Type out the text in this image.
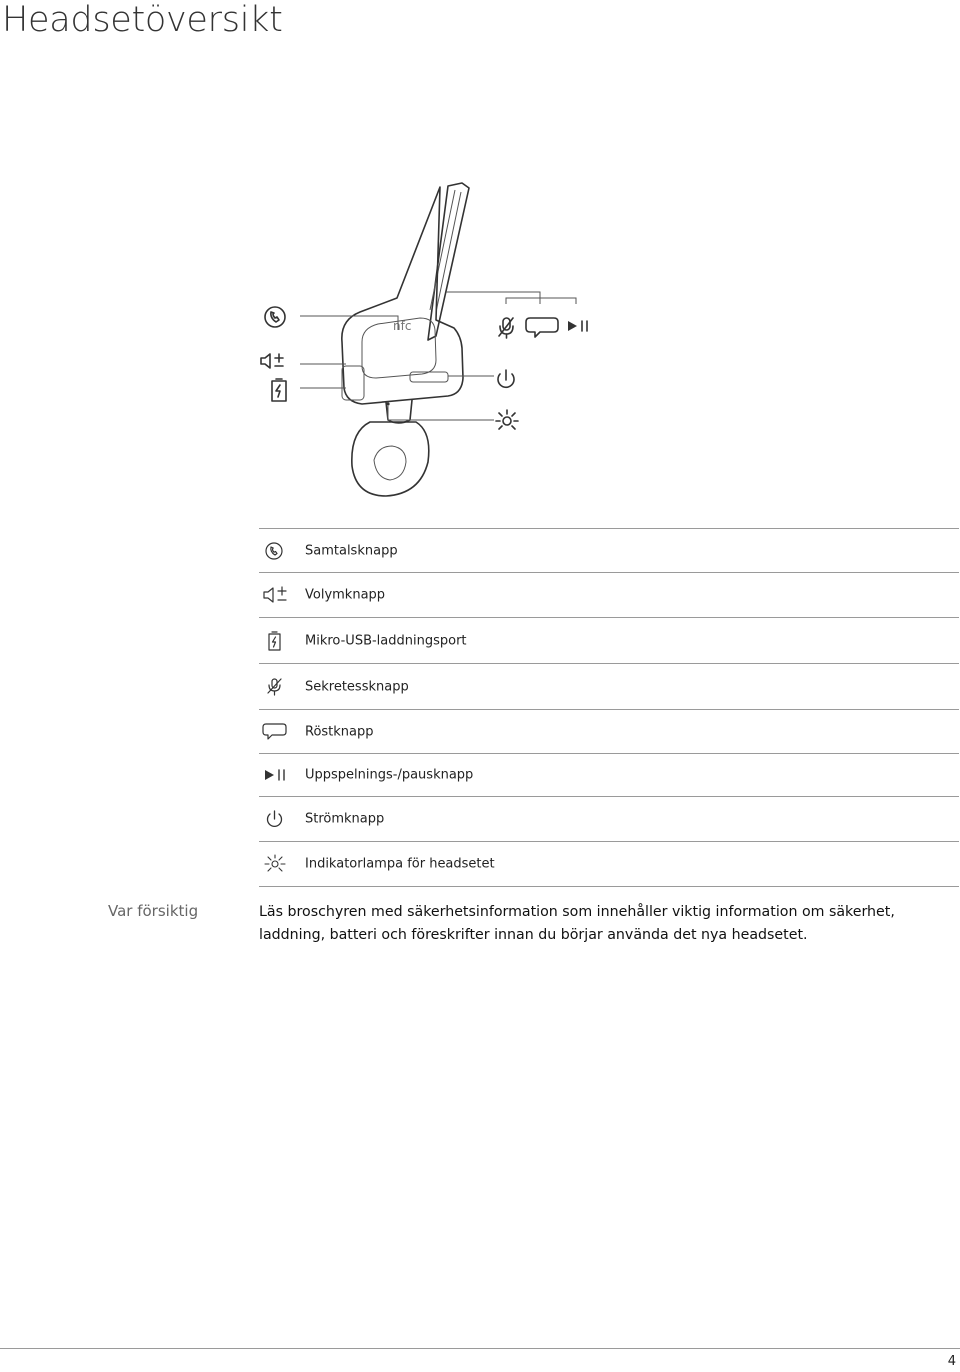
Headsetöversikt
nfc
Samtalsknapp
Volymknapp
Mikro-USB-laddningsport
Sekretessknapp
Röstknapp
Uppspelnings-/pausknapp
Strömknapp
Indikatorlampa för headsetet
Var försiktig	Läs broschyren med säkerhetsinformation som innehåller viktig information om säkerhet, laddning, batteri och föreskrifter innan du börjar använda det nya headsetet.
4
